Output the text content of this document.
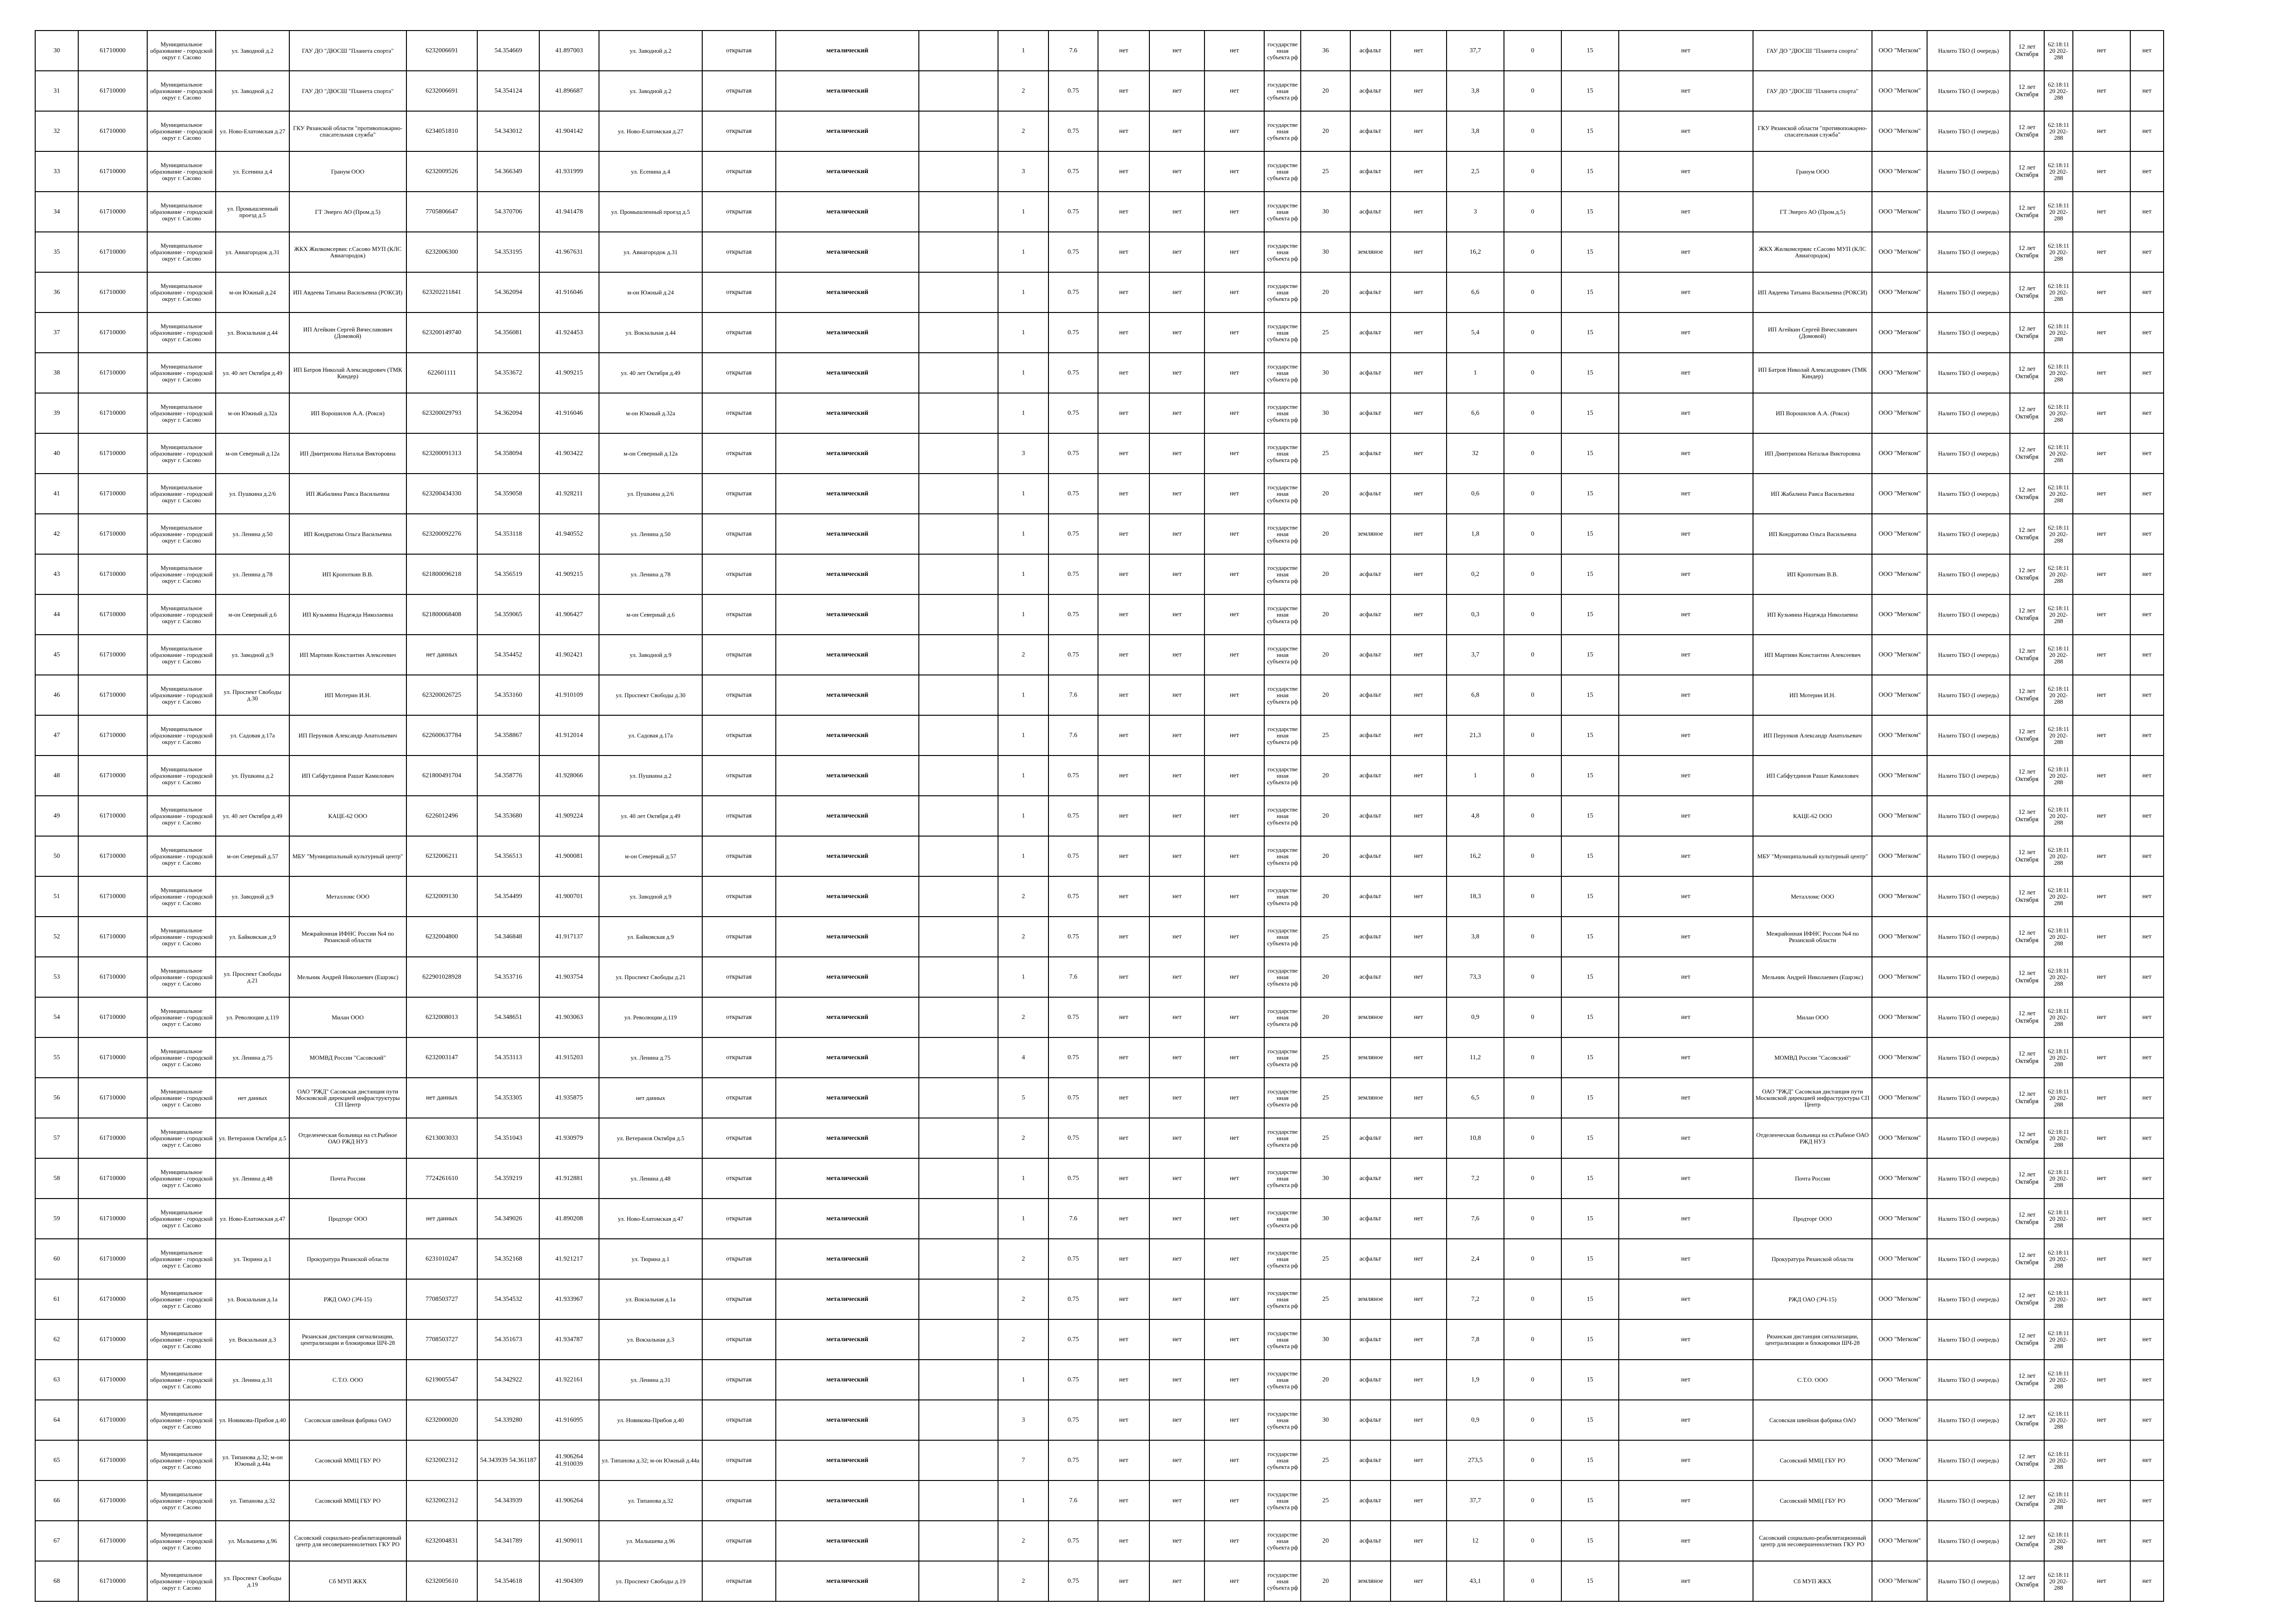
30	61710000	Муниципальное образование - городской округ г. Сасово	ул. Заводной д.2	ГАУ ДО "ДЮСШ "Планета спорта"	6232006691	54.354669	41.897003	ул. Заводной д.2	открытая	металический		1	7.6	нет	нет	нет	государственная субъекта рф	36	асфальт	нет	37,7	0	15	нет	ГАУ ДО "ДЮСШ "Планета спорта"	ООО "Мегком"	Налито ТБО (I очередь)	12 лет Октября	62:18:1120 202-288	нет	нет
31	61710000	Муниципальное образование - городской округ г. Сасово	ул. Заводной д.2	ГАУ ДО "ДЮСШ "Планета спорта"	6232006691	54.354124	41.896687	ул. Заводной д.2	открытая	металический		2	0.75	нет	нет	нет	государственная субъекта рф	20	асфальт	нет	3,8	0	15	нет	ГАУ ДО "ДЮСШ "Планета спорта"	ООО "Мегком"	Налито ТБО (I очередь)	12 лет Октября	62:18:1120 202-288	нет	нет
32	61710000	Муниципальное образование - городской округ г. Сасово	ул. Ново-Елатомская д.27	ГКУ Рязанской области "противопожарно-спасательная служба"	6234051810	54.343012	41.904142	ул. Ново-Елатомская д.27	открытая	металический		2	0.75	нет	нет	нет	государственная субъекта рф	20	асфальт	нет	3,8	0	15	нет	ГКУ Рязанской области "противопожарно-спасательная служба"	ООО "Мегком"	Налито ТБО (I очередь)	12 лет Октября	62:18:1120 202-288	нет	нет
33	61710000	Муниципальное образование - городской округ г. Сасово	ул. Есенина д.4	Гранум ООО	6232009526	54.366349	41.931999	ул. Есенина д.4	открытая	металический		3	0.75	нет	нет	нет	государственная субъекта рф	25	асфальт	нет	2,5	0	15	нет	Гранум ООО	ООО "Мегком"	Налито ТБО (I очередь)	12 лет Октября	62:18:1120 202-288	нет	нет
34	61710000	Муниципальное образование - городской округ г. Сасово	ул. Промышленный проезд д.5	ГТ Энерго АО (Пром.д.5)	7705806647	54.370706	41.941478	ул. Промышленный проезд д.5	открытая	металический		1	0.75	нет	нет	нет	государственная субъекта рф	30	асфальт	нет	3	0	15	нет	ГТ Энерго АО (Пром.д.5)	ООО "Мегком"	Налито ТБО (I очередь)	12 лет Октября	62:18:1120 202-288	нет	нет
35	61710000	Муниципальное образование - городской округ г. Сасово	ул. Авиагородок д.31	ЖКХ Жилкомсервис г.Сасово МУП (КЛС Авиагородок)	6232006300	54.353195	41.967631	ул. Авиагородок д.31	открытая	металический		1	0.75	нет	нет	нет	государственная субъекта рф	30	земляное	нет	16,2	0	15	нет	ЖКХ Жилкомсервис г.Сасово МУП (КЛС Авиагородок)	ООО "Мегком"	Налито ТБО (I очередь)	12 лет Октября	62:18:1120 202-288	нет	нет
36	61710000	Муниципальное образование - городской округ г. Сасово	м-он Южный д.24	ИП Авдеева Татьяна Васильевна (РОКСИ)	623202211841	54.362094	41.916046	м-он Южный д.24	открытая	металический		1	0.75	нет	нет	нет	государственная субъекта рф	20	асфальт	нет	6,6	0	15	нет	ИП Авдеева Татьяна Васильевна (РОКСИ)	ООО "Мегком"	Налито ТБО (I очередь)	12 лет Октября	62:18:1120 202-288	нет	нет
37	61710000	Муниципальное образование - городской округ г. Сасово	ул. Вокзальная д.44	ИП Агейкин Сергей Вячеславович (Домовой)	623200149740	54.356081	41.924453	ул. Вокзальная д.44	открытая	металический		1	0.75	нет	нет	нет	государственная субъекта рф	25	асфальт	нет	5,4	0	15	нет	ИП Агейкин Сергей Вячеславович (Домовой)	ООО "Мегком"	Налито ТБО (I очередь)	12 лет Октября	62:18:1120 202-288	нет	нет
38	61710000	Муниципальное образование - городской округ г. Сасово	ул. 40 лет Октября д.49	ИП Батров Николай Александрович (ТМК Киндер)	622601111	54.353672	41.909215	ул. 40 лет Октября д.49	открытая	металический		1	0.75	нет	нет	нет	государственная субъекта рф	30	асфальт	нет	1	0	15	нет	ИП Батров Николай Александрович (ТМК Киндер)	ООО "Мегком"	Налито ТБО (I очередь)	12 лет Октября	62:18:1120 202-288	нет	нет
39	61710000	Муниципальное образование - городской округ г. Сасово	м-он Южный д.32а	ИП Ворошилов А.А. (Рокси)	623200029793	54.362094	41.916046	м-он Южный д.32а	открытая	металический		1	0.75	нет	нет	нет	государственная субъекта рф	30	асфальт	нет	6,6	0	15	нет	ИП Ворошилов А.А. (Рокси)	ООО "Мегком"	Налито ТБО (I очередь)	12 лет Октября	62:18:1120 202-288	нет	нет
40	61710000	Муниципальное образование - городской округ г. Сасово	м-он Северный д.12а	ИП Дмитрихова Наталья Викторовна	623200091313	54.358094	41.903422	м-он Северный д.12а	открытая	металический		3	0.75	нет	нет	нет	государственная субъекта рф	25	асфальт	нет	32	0	15	нет	ИП Дмитрихова Наталья Викторовна	ООО "Мегком"	Налито ТБО (I очередь)	12 лет Октября	62:18:1120 202-288	нет	нет
41	61710000	Муниципальное образование - городской округ г. Сасово	ул. Пушкина д.2/6	ИП Жабалина Раиса Васильевна	623200434330	54.359058	41.928211	ул. Пушкина д.2/6	открытая	металический		1	0.75	нет	нет	нет	государственная субъекта рф	20	асфальт	нет	0,6	0	15	нет	ИП Жабалина Раиса Васильевна	ООО "Мегком"	Налито ТБО (I очередь)	12 лет Октября	62:18:1120 202-288	нет	нет
42	61710000	Муниципальное образование - городской округ г. Сасово	ул. Ленина д.50	ИП Кондратова Ольга Васильевна	623200092276	54.353118	41.940552	ул. Ленина д.50	открытая	металический		1	0.75	нет	нет	нет	государственная субъекта рф	20	земляное	нет	1,8	0	15	нет	ИП Кондратова Ольга Васильевна	ООО "Мегком"	Налито ТБО (I очередь)	12 лет Октября	62:18:1120 202-288	нет	нет
43	61710000	Муниципальное образование - городской округ г. Сасово	ул. Ленина д.78	ИП Кропоткин В.В.	621800096218	54.356519	41.909215	ул. Ленина д.78	открытая	металический		1	0.75	нет	нет	нет	государственная субъекта рф	20	асфальт	нет	0,2	0	15	нет	ИП Кропоткин В.В.	ООО "Мегком"	Налито ТБО (I очередь)	12 лет Октября	62:18:1120 202-288	нет	нет
44	61710000	Муниципальное образование - городской округ г. Сасово	м-он Северный д.6	ИП Кузьмина Надежда Николаевна	621800068408	54.359065	41.906427	м-он Северный д.6	открытая	металический		1	0.75	нет	нет	нет	государственная субъекта рф	20	асфальт	нет	0,3	0	15	нет	ИП Кузьмина Надежда Николаевна	ООО "Мегком"	Налито ТБО (I очередь)	12 лет Октября	62:18:1120 202-288	нет	нет
45	61710000	Муниципальное образование - городской округ г. Сасово	ул. Заводной д.9	ИП Мартиян Константин Алексеевич	нет данных	54.354452	41.902421	ул. Заводной д.9	открытая	металический		2	0.75	нет	нет	нет	государственная субъекта рф	20	асфальт	нет	3,7	0	15	нет	ИП Мартиян Константин Алексеевич	ООО "Мегком"	Налито ТБО (I очередь)	12 лет Октября	62:18:1120 202-288	нет	нет
46	61710000	Муниципальное образование - городской округ г. Сасово	ул. Проспект Свободы д.30	ИП Мотерин И.Н.	623200026725	54.353160	41.910109	ул. Проспект Свободы д.30	открытая	металический		1	7.6	нет	нет	нет	государственная субъекта рф	20	асфальт	нет	6,8	0	15	нет	ИП Мотерин И.Н.	ООО "Мегком"	Налито ТБО (I очередь)	12 лет Октября	62:18:1120 202-288	нет	нет
47	61710000	Муниципальное образование - городской округ г. Сасово	ул. Садовая д.17а	ИП Перунков Александр Анатольевич	622600637784	54.358867	41.912014	ул. Садовая д.17а	открытая	металический		1	7.6	нет	нет	нет	государственная субъекта рф	25	асфальт	нет	21,3	0	15	нет	ИП Перунков Александр Анатольевич	ООО "Мегком"	Налито ТБО (I очередь)	12 лет Октября	62:18:1120 202-288	нет	нет
48	61710000	Муниципальное образование - городской округ г. Сасово	ул. Пушкина д.2	ИП Сабфутдинов Рашат Камилович	621800491704	54.358776	41.928066	ул. Пушкина д.2	открытая	металический		1	0.75	нет	нет	нет	государственная субъекта рф	20	асфальт	нет	1	0	15	нет	ИП Сабфутдинов Рашат Камилович	ООО "Мегком"	Налито ТБО (I очередь)	12 лет Октября	62:18:1120 202-288	нет	нет
49	61710000	Муниципальное образование - городской округ г. Сасово	ул. 40 лет Октября д.49	КАЦЕ-62 ООО	6226012496	54.353680	41.909224	ул. 40 лет Октября д.49	открытая	металический		1	0.75	нет	нет	нет	государственная субъекта рф	20	асфальт	нет	4,8	0	15	нет	КАЦЕ-62 ООО	ООО "Мегком"	Налито ТБО (I очередь)	12 лет Октября	62:18:1120 202-288	нет	нет
50	61710000	Муниципальное образование - городской округ г. Сасово	м-он Северный д.57	МБУ "Муниципальный культурный центр"	6232006211	54.356513	41.900081	м-он Северный д.57	открытая	металический		1	0.75	нет	нет	нет	государственная субъекта рф	20	асфальт	нет	16,2	0	15	нет	МБУ "Муниципальный культурный центр"	ООО "Мегком"	Налито ТБО (I очередь)	12 лет Октября	62:18:1120 202-288	нет	нет
51	61710000	Муниципальное образование - городской округ г. Сасово	ул. Заводной д.9	Металломс ООО	6232009130	54.354499	41.900701	ул. Заводной д.9	открытая	металический		2	0.75	нет	нет	нет	государственная субъекта рф	20	асфальт	нет	18,3	0	15	нет	Металломс ООО	ООО "Мегком"	Налито ТБО (I очередь)	12 лет Октября	62:18:1120 202-288	нет	нет
52	61710000	Муниципальное образование - городской округ г. Сасово	ул. Байковская д.9	Межрайонная ИФНС России №4 по Рязанской области	6232004800	54.346848	41.917137	ул. Байковская д.9	открытая	металический		2	0.75	нет	нет	нет	государственная субъекта рф	25	асфальт	нет	3,8	0	15	нет	Межрайонная ИФНС России №4 по Рязанской области	ООО "Мегком"	Налито ТБО (I очередь)	12 лет Октября	62:18:1120 202-288	нет	нет
53	61710000	Муниципальное образование - городской округ г. Сасово	ул. Проспект Свободы д.21	Мельник Андрей Николаевич (Ешрэкс)	622901028928	54.353716	41.903754	ул. Проспект Свободы д.21	открытая	металический		1	7.6	нет	нет	нет	государственная субъекта рф	20	асфальт	нет	73,3	0	15	нет	Мельник Андрей Николаевич (Ешрэкс)	ООО "Мегком"	Налито ТБО (I очередь)	12 лет Октября	62:18:1120 202-288	нет	нет
54	61710000	Муниципальное образование - городской округ г. Сасово	ул. Революции д.119	Милан ООО	6232008013	54.348651	41.903063	ул. Революции д.119	открытая	металический		2	0.75	нет	нет	нет	государственная субъекта рф	20	земляное	нет	0,9	0	15	нет	Милан ООО	ООО "Мегком"	Налито ТБО (I очередь)	12 лет Октября	62:18:1120 202-288	нет	нет
55	61710000	Муниципальное образование - городской округ г. Сасово	ул. Ленина д.75	МОМВД России "Сасовский"	6232003147	54.353113	41.915203	ул. Ленина д.75	открытая	металический		4	0.75	нет	нет	нет	государственная субъекта рф	25	земляное	нет	11,2	0	15	нет	МОМВД России "Сасовский"	ООО "Мегком"	Налито ТБО (I очередь)	12 лет Октября	62:18:1120 202-288	нет	нет
56	61710000	Муниципальное образование - городской округ г. Сасово	нет данных	ОАО "РЖД" Сасовская дистанция пути Московской дирекцией инфраструктуры СП Центр	нет данных	54.353305	41.935875	нет данных	открытая	металический		5	0.75	нет	нет	нет	государственная субъекта рф	25	земляное	нет	6,5	0	15	нет	ОАО "РЖД" Сасовская дистанция пути Московской дирекцией инфраструктуры СП Центр	ООО "Мегком"	Налито ТБО (I очередь)	12 лет Октября	62:18:1120 202-288	нет	нет
57	61710000	Муниципальное образование - городской округ г. Сасово	ул. Ветеранов Октября д.5	Отделенческая больница на ст.Рыбное ОАО РЖД НУЗ	6213003033	54.351043	41.930979	ул. Ветеранов Октября д.5	открытая	металический		2	0.75	нет	нет	нет	государственная субъекта рф	25	асфальт	нет	10,8	0	15	нет	Отделенческая больница на ст.Рыбное ОАО РЖД НУЗ	ООО "Мегком"	Налито ТБО (I очередь)	12 лет Октября	62:18:1120 202-288	нет	нет
58	61710000	Муниципальное образование - городской округ г. Сасово	ул. Ленина д.48	Почта России	7724261610	54.359219	41.912881	ул. Ленина д.48	открытая	металический		1	0.75	нет	нет	нет	государственная субъекта рф	30	асфальт	нет	7,2	0	15	нет	Почта России	ООО "Мегком"	Налито ТБО (I очередь)	12 лет Октября	62:18:1120 202-288	нет	нет
59	61710000	Муниципальное образование - городской округ г. Сасово	ул. Ново-Елатомская д.47	Продторг ООО	нет данных	54.349026	41.890208	ул. Ново-Елатомская д.47	открытая	металический		1	7.6	нет	нет	нет	государственная субъекта рф	30	асфальт	нет	7,6	0	15	нет	Продторг ООО	ООО "Мегком"	Налито ТБО (I очередь)	12 лет Октября	62:18:1120 202-288	нет	нет
60	61710000	Муниципальное образование - городской округ г. Сасово	ул. Тюрина д.1	Прокуратура Рязанской области	6231010247	54.352168	41.921217	ул. Тюрина д.1	открытая	металический		2	0.75	нет	нет	нет	государственная субъекта рф	25	асфальт	нет	2,4	0	15	нет	Прокуратура Рязанской области	ООО "Мегком"	Налито ТБО (I очередь)	12 лет Октября	62:18:1120 202-288	нет	нет
61	61710000	Муниципальное образование - городской округ г. Сасово	ул. Вокзальная д.1а	РЖД ОАО (ЭЧ-15)	7708503727	54.354532	41.933967	ул. Вокзальная д.1а	открытая	металический		2	0.75	нет	нет	нет	государственная субъекта рф	25	земляное	нет	7,2	0	15	нет	РЖД ОАО (ЭЧ-15)	ООО "Мегком"	Налито ТБО (I очередь)	12 лет Октября	62:18:1120 202-288	нет	нет
62	61710000	Муниципальное образование - городской округ г. Сасово	ул. Вокзальная д.3	Рязанская дистанция сигнализации, централизации и блокировки ШЧ-28	7708503727	54.351673	41.934787	ул. Вокзальная д.3	открытая	металический		2	0.75	нет	нет	нет	государственная субъекта рф	30	асфальт	нет	7,8	0	15	нет	Рязанская дистанция сигнализации, централизации и блокировки ШЧ-28	ООО "Мегком"	Налито ТБО (I очередь)	12 лет Октября	62:18:1120 202-288	нет	нет
63	61710000	Муниципальное образование - городской округ г. Сасово	ул. Ленина д.31	С.Т.О. ООО	6219005547	54.342922	41.922161	ул. Ленина д.31	открытая	металический		1	0.75	нет	нет	нет	государственная субъекта рф	20	асфальт	нет	1,9	0	15	нет	С.Т.О. ООО	ООО "Мегком"	Налито ТБО (I очередь)	12 лет Октября	62:18:1120 202-288	нет	нет
64	61710000	Муниципальное образование - городской округ г. Сасово	ул. Новикова-Прибоя д.40	Сасовская швейная фабрика ОАО	6232000020	54.339280	41.916095	ул. Новикова-Прибоя д.40	открытая	металический		3	0.75	нет	нет	нет	государственная субъекта рф	30	асфальт	нет	0,9	0	15	нет	Сасовская швейная фабрика ОАО	ООО "Мегком"	Налито ТБО (I очередь)	12 лет Октября	62:18:1120 202-288	нет	нет
65	61710000	Муниципальное образование - городской округ г. Сасово	ул. Типанова д.32; м-он Южный д.44а	Сасовский ММЦ ГБУ РО	6232002312	54.343939 54.361187	41.906264 41.910039	ул. Типанова д.32; м-он Южный д.44а	открытая	металический		7	0.75	нет	нет	нет	государственная субъекта рф	25	асфальт	нет	273,5	0	15	нет	Сасовский ММЦ ГБУ РО	ООО "Мегком"	Налито ТБО (I очередь)	12 лет Октября	62:18:1120 202-288	нет	нет
66	61710000	Муниципальное образование - городской округ г. Сасово	ул. Типанова д.32	Сасовский ММЦ ГБУ РО	6232002312	54.343939	41.906264	ул. Типанова д.32	открытая	металический		1	7.6	нет	нет	нет	государственная субъекта рф	25	асфальт	нет	37,7	0	15	нет	Сасовский ММЦ ГБУ РО	ООО "Мегком"	Налито ТБО (I очередь)	12 лет Октября	62:18:1120 202-288	нет	нет
67	61710000	Муниципальное образование - городской округ г. Сасово	ул. Малышева д.96	Сасовский социально-реабилитационный центр для несовершеннолетних ГКУ РО	6232004831	54.341789	41.909011	ул. Малышева д.96	открытая	металический		2	0.75	нет	нет	нет	государственная субъекта рф	20	асфальт	нет	12	0	15	нет	Сасовский социально-реабилитационный центр для несовершеннолетних ГКУ РО	ООО "Мегком"	Налито ТБО (I очередь)	12 лет Октября	62:18:1120 202-288	нет	нет
68	61710000	Муниципальное образование - городской округ г. Сасово	ул. Проспект Свободы д.19	Сб МУП ЖКХ	6232005610	54.354618	41.904309	ул. Проспект Свободы д.19	открытая	металический		2	0.75	нет	нет	нет	государственная субъекта рф	20	земляное	нет	43,1	0	15	нет	Сб МУП ЖКХ	ООО "Мегком"	Налито ТБО (I очередь)	12 лет Октября	62:18:1120 202-288	нет	нет
